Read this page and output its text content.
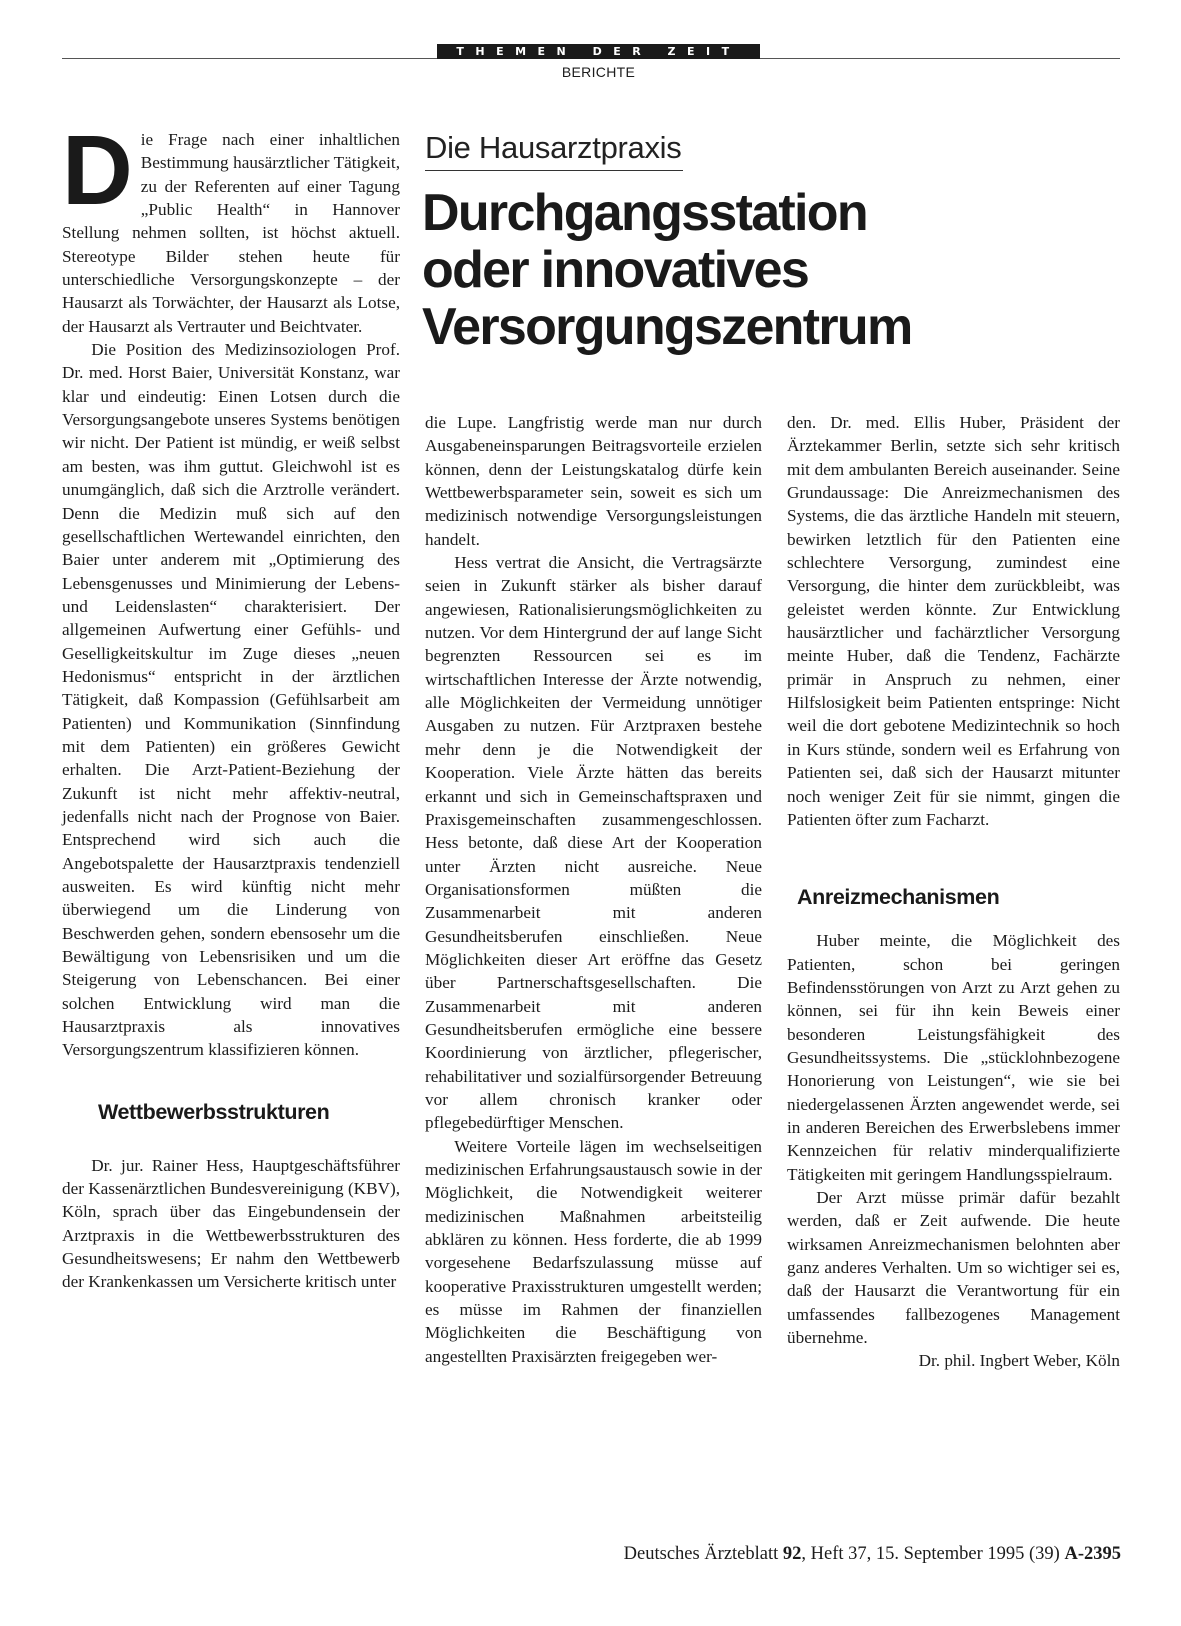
THEMEN DER ZEIT
BERICHTE
Die Hausarztpraxis
Durchgangsstation
oder innovatives
Versorgungszentrum
D ie Frage nach einer inhaltlichen Bestimmung hausärztlicher Tätigkeit, zu der Referenten auf einer Tagung „Public Health“ in Hannover Stellung nehmen sollten, ist höchst aktuell. Stereotype Bilder stehen heute für unterschiedliche Versorgungskonzepte – der Hausarzt als Torwächter, der Hausarzt als Lotse, der Hausarzt als Vertrauter und Beichtvater.

Die Position des Medizinsoziologen Prof. Dr. med. Horst Baier, Universität Konstanz, war klar und eindeutig: Einen Lotsen durch die Versorgungsangebote unseres Systems benötigen wir nicht. Der Patient ist mündig, er weiß selbst am besten, was ihm guttut. Gleichwohl ist es unumgänglich, daß sich die Arztrolle verändert. Denn die Medizin muß sich auf den gesellschaftlichen Wertewandel einrichten, den Baier unter anderem mit „Optimierung des Lebensgenusses und Minimierung der Lebens- und Leidenslasten“ charakterisiert. Der allgemeinen Aufwertung einer Gefühls- und Geselligkeitskultur im Zuge dieses „neuen Hedonismus“ entspricht in der ärztlichen Tätigkeit, daß Kompassion (Gefühlsarbeit am Patienten) und Kommunikation (Sinnfindung mit dem Patienten) ein größeres Gewicht erhalten. Die Arzt-Patient-Beziehung der Zukunft ist nicht mehr affektiv-neutral, jedenfalls nicht nach der Prognose von Baier. Entsprechend wird sich auch die Angebotspalette der Hausarztpraxis tendenziell ausweiten. Es wird künftig nicht mehr überwiegend um die Linderung von Beschwerden gehen, sondern ebensosehr um die Bewältigung von Lebensrisiken und um die Steigerung von Lebenschancen. Bei einer solchen Entwicklung wird man die Hausarztpraxis als innovatives Versorgungszentrum klassifizieren können.

Wettbewerbsstrukturen

Dr. jur. Rainer Hess, Hauptgeschäftsführer der Kassenärztlichen Bundesvereinigung (KBV), Köln, sprach über das Eingebundensein der Arztpraxis in die Wettbewerbsstrukturen des Gesundheitswesens; Er nahm den Wettbewerb der Krankenkassen um Versicherte kritisch unter

die Lupe. Langfristig werde man nur durch Ausgabeneinsparungen Beitragsvorteile erzielen können, denn der Leistungskatalog dürfe kein Wettbewerbsparameter sein, soweit es sich um medizinisch notwendige Versorgungsleistungen handelt.

Hess vertrat die Ansicht, die Vertragsärzte seien in Zukunft stärker als bisher darauf angewiesen, Rationalisierungsmöglichkeiten zu nutzen. Vor dem Hintergrund der auf lange Sicht begrenzten Ressourcen sei es im wirtschaftlichen Interesse der Ärzte notwendig, alle Möglichkeiten der Vermeidung unnötiger Ausgaben zu nutzen. Für Arztpraxen bestehe mehr denn je die Notwendigkeit der Kooperation. Viele Ärzte hätten das bereits erkannt und sich in Gemeinschaftspraxen und Praxisgemeinschaften zusammengeschlossen. Hess betonte, daß diese Art der Kooperation unter Ärzten nicht ausreiche. Neue Organisationsformen müßten die Zusammenarbeit mit anderen Gesundheitsberufen einschließen. Neue Möglichkeiten dieser Art eröffne das Gesetz über Partnerschaftsgesellschaften. Die Zusammenarbeit mit anderen Gesundheitsberufen ermögliche eine bessere Koordinierung von ärztlicher, pflegerischer, rehabilitativer und sozialfürsorgender Betreuung vor allem chronisch kranker oder pflegebedürftiger Menschen.

Weitere Vorteile lägen im wechselseitigen medizinischen Erfahrungsaustausch sowie in der Möglichkeit, die Notwendigkeit weiterer medizinischen Maßnahmen arbeitsteilig abklären zu können. Hess forderte, die ab 1999 vorgesehene Bedarfszulassung müsse auf kooperative Praxisstrukturen umgestellt werden; es müsse im Rahmen der finanziellen Möglichkeiten die Beschäftigung von angestellten Praxisärzten freigegeben wer-

den. Dr. med. Ellis Huber, Präsident der Ärztekammer Berlin, setzte sich sehr kritisch mit dem ambulanten Bereich auseinander. Seine Grundaussage: Die Anreizmechanismen des Systems, die das ärztliche Handeln mit steuern, bewirken letztlich für den Patienten eine schlechtere Versorgung, zumindest eine Versorgung, die hinter dem zurückbleibt, was geleistet werden könnte. Zur Entwicklung hausärztlicher und fachärztlicher Versorgung meinte Huber, daß die Tendenz, Fachärzte primär in Anspruch zu nehmen, einer Hilfslosigkeit beim Patienten entspringe: Nicht weil die dort gebotene Medizintechnik so hoch in Kurs stünde, sondern weil es Erfahrung von Patienten sei, daß sich der Hausarzt mitunter noch weniger Zeit für sie nimmt, gingen die Patienten öfter zum Facharzt.

Anreizmechanismen

Huber meinte, die Möglichkeit des Patienten, schon bei geringen Befindensstörungen von Arzt zu Arzt gehen zu können, sei für ihn kein Beweis einer besonderen Leistungsfähigkeit des Gesundheitssystems. Die „stücklohnbezogene Honorierung von Leistungen“, wie sie bei niedergelassenen Ärzten angewendet werde, sei in anderen Bereichen des Erwerbslebens immer Kennzeichen für relativ minderqualifizierte Tätigkeiten mit geringem Handlungsspielraum.

Der Arzt müsse primär dafür bezahlt werden, daß er Zeit aufwende. Die heute wirksamen Anreizmechanismen belohnten aber ganz anderes Verhalten. Um so wichtiger sei es, daß der Hausarzt die Verantwortung für ein umfassendes fallbezogenes Management übernehme.

Dr. phil. Ingbert Weber, Köln

Deutsches Ärzteblatt 92, Heft 37, 15. September 1995 (39) A-2395
